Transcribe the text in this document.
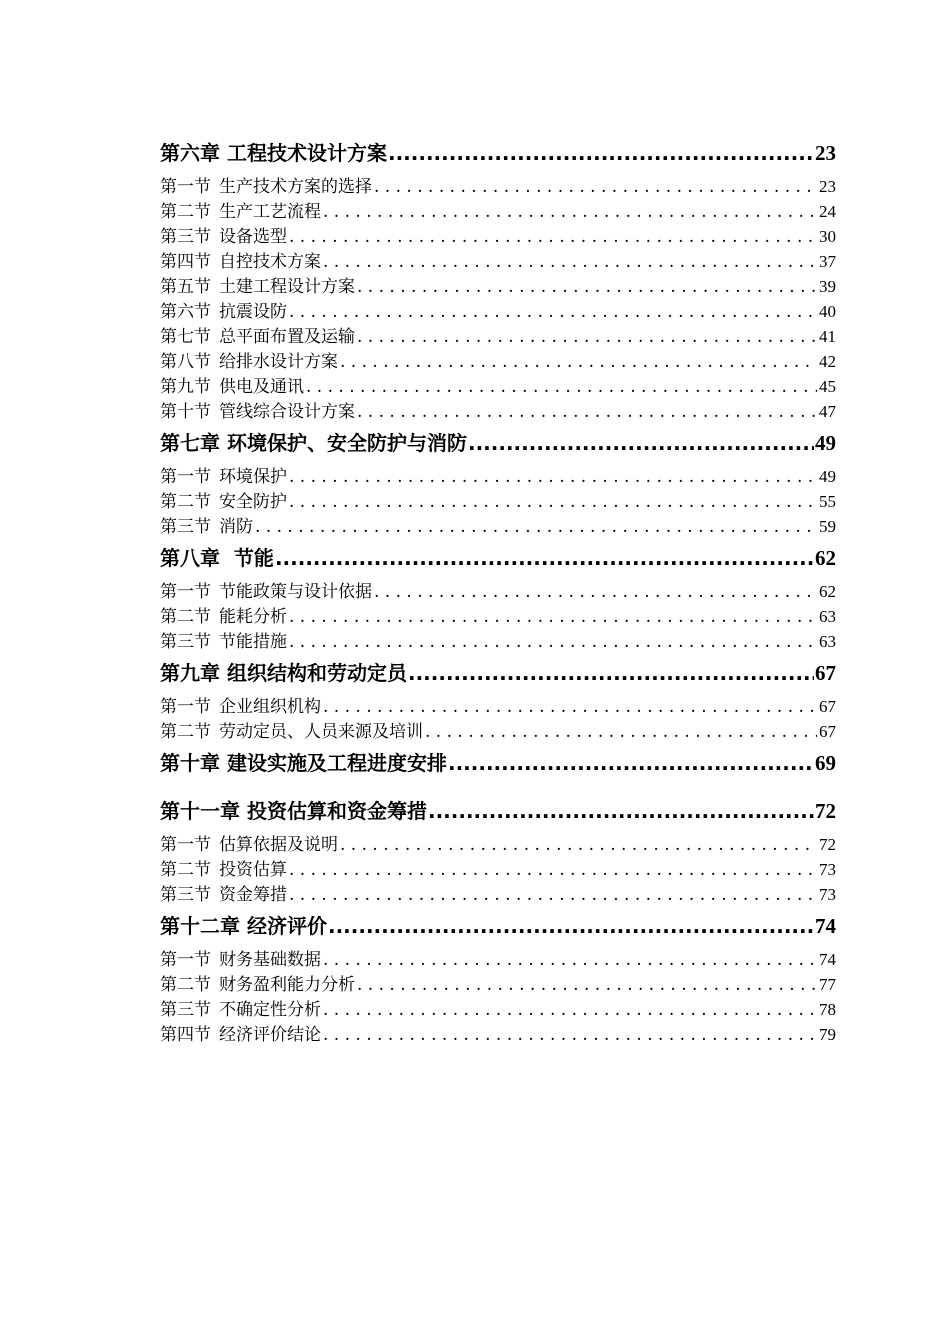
第六章 工程技术设计方案 .....	23
第一节 生产技术方案的选择 . . .	23
第二节 生产工艺流程 . . .	24
第三节 设备选型 . . .	30
第四节 自控技术方案 . . .	37
第五节 土建工程设计方案 . . .	39
第六节 抗震设防 . . .	40
第七节 总平面布置及运输 . . .	41
第八节 给排水设计方案 . . .	42
第九节 供电及通讯 . . .	45
第十节 管线综合设计方案 . . .	47
第七章 环境保护、安全防护与消防 .....	49
第一节 环境保护 . . .	49
第二节 安全防护 . . .	55
第三节 消防 . . .	59
第八章  节能 .....	62
第一节 节能政策与设计依据 . . .	62
第二节 能耗分析 . . .	63
第三节 节能措施 . . .	63
第九章 组织结构和劳动定员 .....	67
第一节 企业组织机构 . . .	67
第二节 劳动定员、人员来源及培训 . . .	67
第十章 建设实施及工程进度安排 .....	69
第十一章 投资估算和资金筹措 .....	72
第一节 估算依据及说明 . . .	72
第二节 投资估算 . . .	73
第三节 资金筹措 . . .	73
第十二章 经济评价 .....	74
第一节 财务基础数据 . . .	74
第二节 财务盈利能力分析 . . .	77
第三节 不确定性分析 . . .	78
第四节 经济评价结论 . . .	79
